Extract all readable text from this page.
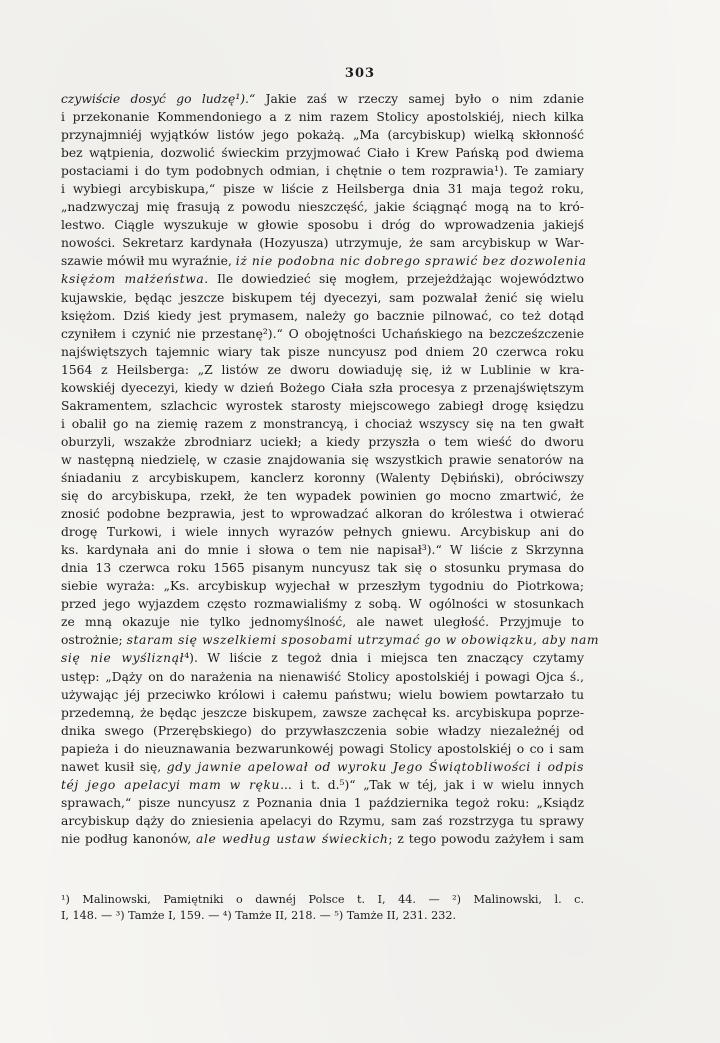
303
czywiście dosyć go ludzę¹).“ Jakie zaś w rzeczy samej było o nim zdanie
i przekonanie Kommendoniego a z nim razem Stolicy apostolskiéj, niech kilka
przynajmniéj wyjątków listów jego pokażą. „Ma (arcybiskup) wielką skłonność
bez wątpienia, dozwolić świeckim przyjmować Ciało i Krew Pańską pod dwiema
postaciami i do tym podobnych odmian, i chętnie o tem rozprawia¹). Te zamiary
i wybiegi arcybiskupa,“ pisze w liście z Heilsberga dnia 31 maja tegoż roku,
„nadzwyczaj mię frasują z powodu nieszczęść, jakie ściągnąć mogą na to kró-
lestwo. Ciągle wyszukuje w głowie sposobu i dróg do wprowadzenia jakiejś
nowości. Sekretarz kardynała (Hozyusza) utrzymuje, że sam arcybiskup w War-
szawie mówił mu wyraźnie, iż nie podobna nic dobrego sprawić bez dozwolenia
księżom małżeństwa. Ile dowiedzieć się mogłem, przejeżdżając województwo
kujawskie, będąc jeszcze biskupem téj dyecezyi, sam pozwalał żenić się wielu
księżom. Dziś kiedy jest prymasem, należy go bacznie pilnować, co też dotąd
czyniłem i czynić nie przestanę²).“ O obojętności Uchańskiego na bezcześzczenie
najświętszych tajemnic wiary tak pisze nuncyusz pod dniem 20 czerwca roku
1564 z Heilsberga: „Z listów ze dworu dowiaduję się, iż w Lublinie w kra-
kowskiéj dyecezyi, kiedy w dzień Bożego Ciała szła procesya z przenajświętszym
Sakramentem, szlachcic wyrostek starosty miejscowego zabiegł drogę księdzu
i obalił go na ziemię razem z monstrancyą, i chociaż wszyscy się na ten gwałt
oburzyli, wszakże zbrodniarz uciekł; a kiedy przyszła o tem wieść do dworu
w następną niedzielę, w czasie znajdowania się wszystkich prawie senatorów na
śniadaniu z arcybiskupem, kanclerz koronny (Walenty Dębiński), obróciwszy
się do arcybiskupa, rzekł, że ten wypadek powinien go mocno zmartwić, że
znosić podobne bezprawia, jest to wprowadzać alkoran do królestwa i otwierać
drogę Turkowi, i wiele innych wyrazów pełnych gniewu. Arcybiskup ani do
ks. kardynała ani do mnie i słowa o tem nie napisał³).“ W liście z Skrzynna
dnia 13 czerwca roku 1565 pisanym nuncyusz tak się o stosunku prymasa do
siebie wyraża: „Ks. arcybiskup wyjechał w przeszłym tygodniu do Piotrkowa;
przed jego wyjazdem często rozmawialiśmy z sobą. W ogólności w stosunkach
ze mną okazuje nie tylko jednomyślność, ale nawet uległość. Przyjmuje to
ostrożnie; staram się wszelkiemi sposobami utrzymać go w obowiązku, aby nam
się nie wyśliznął⁴). W liście z tegoż dnia i miejsca ten znaczący czytamy
ustęp: „Dąży on do narażenia na nienawiść Stolicy apostolskiéj i powagi Ojca ś.,
używając jéj przeciwko królowi i całemu państwu; wielu bowiem powtarzało tu
przedemną, że będąc jeszcze biskupem, zawsze zachęcał ks. arcybiskupa poprze-
dnika swego (Przerębskiego) do przywłaszczenia sobie władzy niezależnéj od
papieża i do nieuznawania bezwarunkowéj powagi Stolicy apostolskiéj o co i sam
nawet kusił się, gdy jawnie apelował od wyroku Jego Świątobliwości i odpis
téj jego apelacyi mam w ręku... i t. d.⁵)“ „Tak w téj, jak i w wielu innych
sprawach,“ pisze nuncyusz z Poznania dnia 1 października tegoż roku: „Ksiądz
arcybiskup dąży do zniesienia apelacyi do Rzymu, sam zaś rozstrzyga tu sprawy
nie podług kanonów, ale według ustaw świeckich; z tego powodu zażyłem i sam
¹) Malinowski, Pamiętniki o dawnéj Polsce t. I, 44. — ²) Malinowski, l. c.
I, 148. — ³) Tamże I, 159. — ⁴) Tamże II, 218. — ⁵) Tamże II, 231. 232.
